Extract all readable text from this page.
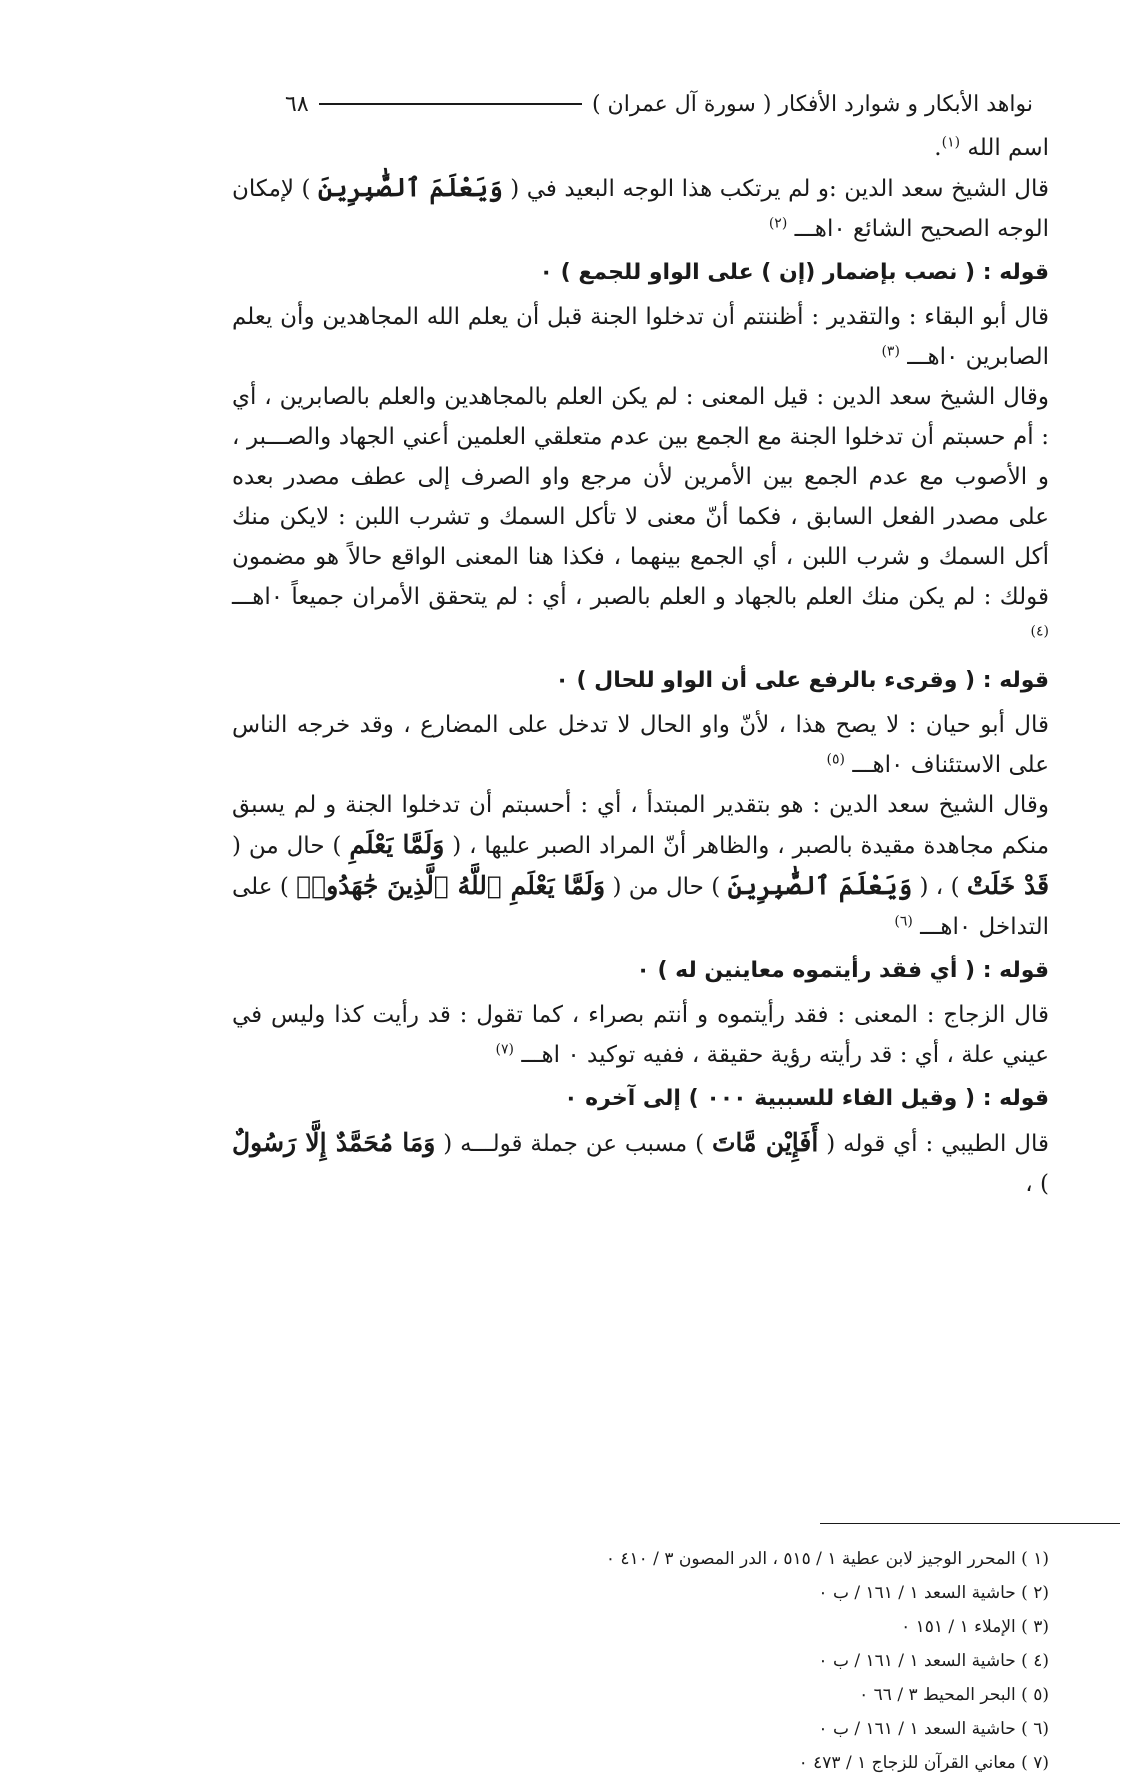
نواهد الأبكار و شوارد الأفكار ( سورة آل عمران )
٦٨

اسم الله $^{(١)}$.

قال الشيخ سعد الدين :و لم يرتكب هذا الوجه البعيد في ( وَيَعْلَمَ ٱلصَّٰبِرِينَ ) لإمكان الوجه الصحيح الشائع ٠اهـــ $^{(٢)}$

قوله : ( نصب بإضمار (إن ) على الواو للجمع ) ٠

قال أبو البقاء : والتقدير : أظننتم أن تدخلوا الجنة قبل أن يعلم الله المجاهدين وأن يعلم الصابرين ٠اهـــ $^{(٣)}$

وقال الشيخ سعد الدين : قيل المعنى : لم يكن العلم بالمجاهدين والعلم بالصابرين ، أي : أم حسبتم أن تدخلوا الجنة مع الجمع بين عدم متعلقي العلمين أعني الجهاد والصـــبر ، و الأصوب مع عدم الجمع بين الأمرين لأن مرجع واو الصرف إلى عطف مصدر بعده على مصدر الفعل السابق ، فكما أنّ معنى لا تأكل السمك و تشرب اللبن : لايكن منك أكل السمك و شرب اللبن ، أي الجمع بينهما ، فكذا هنا المعنى الواقع حالاً هو مضمون قولك : لم يكن منك العلم بالجهاد و العلم بالصبر ، أي : لم يتحقق الأمران جميعاً ٠اهـــ $^{(٤)}$

قوله : ( وقرىء بالرفع على أن الواو للحال ) ٠

قال أبو حيان : لا يصح هذا ، لأنّ واو الحال لا تدخل على المضارع ، وقد خرجه الناس على الاستئناف ٠اهـــ $^{(٥)}$

وقال الشيخ سعد الدين : هو بتقدير المبتدأ ، أي : أحسبتم أن تدخلوا الجنة و لم يسبق منكم مجاهدة مقيدة بالصبر ، والظاهر أنّ المراد الصبر عليها ، ( وَلَمَّا يَعْلَمِ ) حال من ( قَدْ خَلَتْ ) ، ( وَيَعْلَمَ ٱلصَّٰبِرِينَ ) حال من ( وَلَمَّا يَعْلَمِ ٱللَّهُ ٱلَّذِينَ جَٰهَدُوا۟ ) على التداخل ٠اهـــ $^{(٦)}$

قوله : ( أي فقد رأيتموه معاينين له ) ٠

قال الزجاج : المعنى : فقد رأيتموه و أنتم بصراء ، كما تقول : قد رأيت كذا وليس في عيني علة ، أي : قد رأيته رؤية حقيقة ، ففيه توكيد ٠ اهـــ $^{(٧)}$

قوله : ( وقيل الفاء للسببية ٠٠٠ ) إلى آخره ٠

قال الطيبي : أي قوله ( أَفَإِيْن مَّاتَ ) مسبب عن جملة قولـــه ( وَمَا مُحَمَّدٌ إِلَّا رَسُولٌ ) ،

(١ ) المحرر الوجيز لابن عطية ١ / ٥١٥ ، الدر المصون ٣ / ٤١٠ ٠
(٢ ) حاشية السعد ١ / ١٦١ / ب ٠
(٣ ) الإملاء ١ / ١٥١ ٠
(٤ ) حاشية السعد ١ / ١٦١ / ب ٠
(٥ ) البحر المحيط ٣ / ٦٦ ٠
(٦ ) حاشية السعد ١ / ١٦١ / ب ٠
(٧ ) معاني القرآن للزجاج ١ / ٤٧٣ ٠
